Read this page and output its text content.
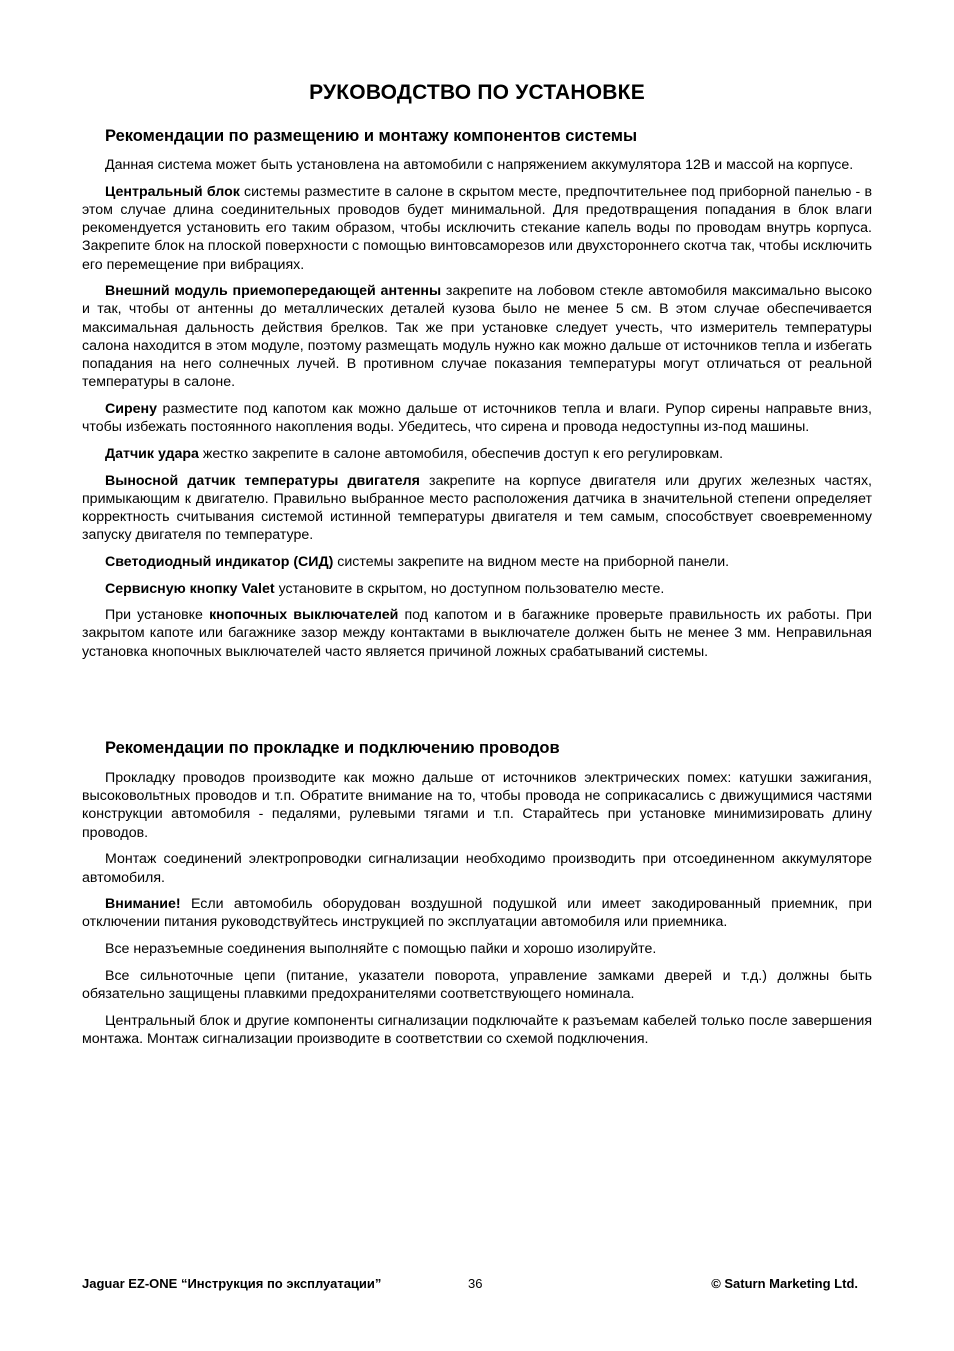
РУКОВОДСТВО ПО УСТАНОВКЕ
Рекомендации по размещению и монтажу компонентов системы

Данная система может быть установлена на автомобили с напряжением аккумулятора 12В и массой на корпусе.

Центральный блок системы разместите в салоне в скрытом месте, предпочтительнее под приборной панелью - в этом случае длина соединительных проводов будет минимальной. Для предотвращения попадания в блок влаги рекомендуется установить его таким образом, чтобы исключить стекание капель воды по проводам внутрь корпуса. Закрепите блок на плоской поверхности с помощью винтовсаморезов или двухстороннего скотча так, чтобы исключить его перемещение при вибрациях.

Внешний модуль приемопередающей антенны закрепите на лобовом стекле автомобиля максимально высоко и так, чтобы от антенны до металлических деталей кузова было не менее 5 см. В этом случае обеспечивается максимальная дальность действия брелков. Так же при установке следует учесть, что измеритель температуры салона находится в этом модуле, поэтому размещать модуль нужно как можно дальше от источников тепла и избегать попадания на него солнечных лучей. В противном случае показания температуры могут отличаться от реальной температуры в салоне.

Сирену разместите под капотом как можно дальше от источников тепла и влаги. Рупор сирены направьте вниз, чтобы избежать постоянного накопления воды. Убедитесь, что сирена и провода недоступны из-под машины.

Датчик удара жестко закрепите в салоне автомобиля, обеспечив доступ к его регулировкам.

Выносной датчик температуры двигателя закрепите на корпусе двигателя или других железных частях, примыкающим к двигателю. Правильно выбранное место расположения датчика в значительной степени определяет корректность считывания системой истинной температуры двигателя и тем самым, способствует своевременному запуску двигателя по температуре.

Светодиодный индикатор (СИД) системы закрепите на видном месте на приборной панели.

Сервисную кнопку Valet установите в скрытом, но доступном пользователю месте.

При установке кнопочных выключателей под капотом и в багажнике проверьте правильность их работы. При закрытом капоте или багажнике зазор между контактами в выключателе должен быть не менее 3 мм. Неправильная установка кнопочных выключателей часто является причиной ложных срабатываний системы.

Рекомендации по прокладке и подключению проводов

Прокладку проводов производите как можно дальше от источников электрических помех: катушки зажигания, высоковольтных проводов и т.п. Обратите внимание на то, чтобы провода не соприкасались с движущимися частями конструкции автомобиля - педалями, рулевыми тягами и т.п. Старайтесь при установке минимизировать длину проводов.

Монтаж соединений электропроводки сигнализации необходимо производить при отсоединенном аккумуляторе автомобиля.

Внимание! Если автомобиль оборудован воздушной подушкой или имеет закодированный приемник, при отключении питания руководствуйтесь инструкцией по эксплуатации автомобиля или приемника.

Все неразъемные соединения выполняйте с помощью пайки и хорошо изолируйте.

Все сильноточные цепи (питание, указатели поворота, управление замками дверей и т.д.) должны быть обязательно защищены плавкими предохранителями соответствующего номинала.

Центральный блок и другие компоненты сигнализации подключайте к разъемам кабелей только после завершения монтажа. Монтаж сигнализации производите в соответствии со схемой подключения.

Jaguar EZ-ONE “Инструкция по эксплуатации”	36	© Saturn Marketing Ltd.
